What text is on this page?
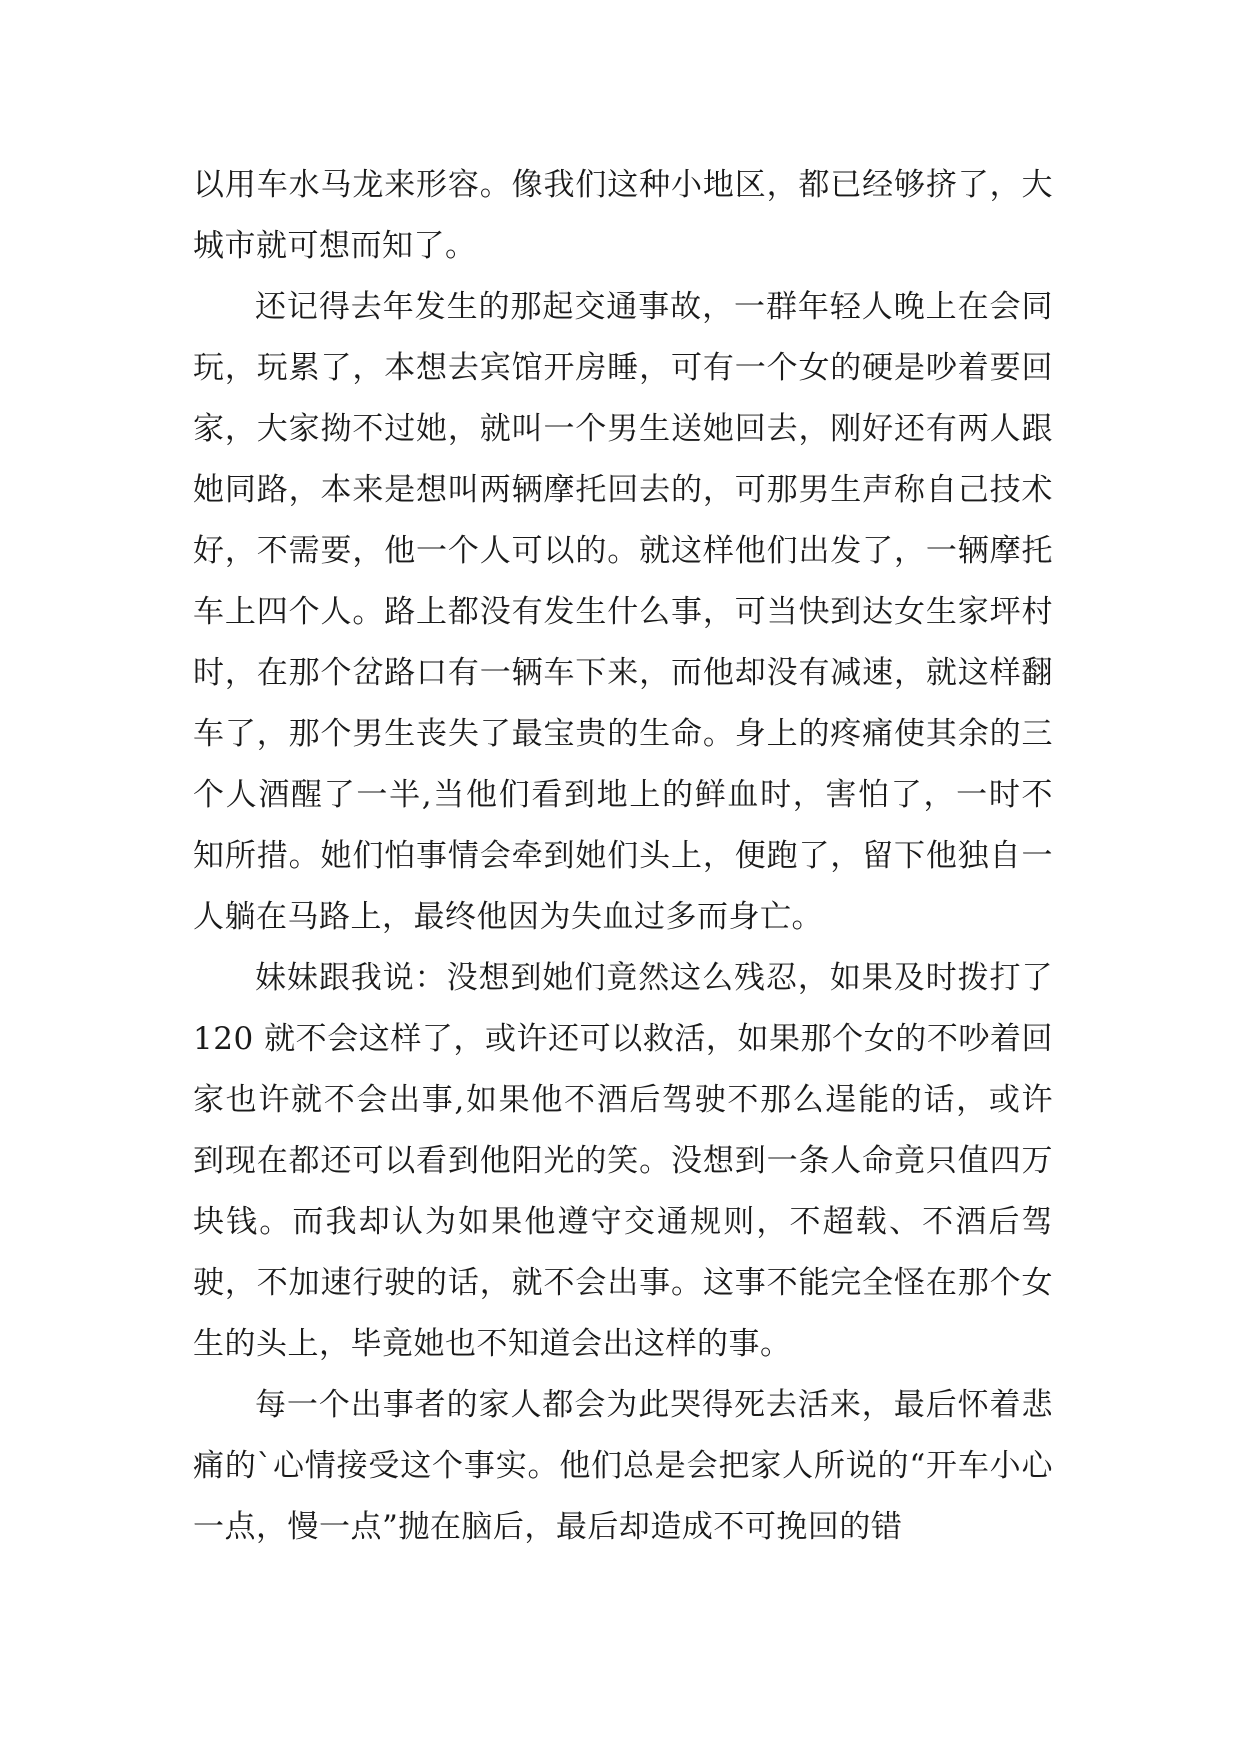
以用车水马龙来形容。像我们这种小地区，都已经够挤了，大城市就可想而知了。

还记得去年发生的那起交通事故，一群年轻人晚上在会同玩，玩累了，本想去宾馆开房睡，可有一个女的硬是吵着要回家，大家拗不过她，就叫一个男生送她回去，刚好还有两人跟她同路，本来是想叫两辆摩托回去的，可那男生声称自己技术好，不需要，他一个人可以的。就这样他们出发了，一辆摩托车上四个人。路上都没有发生什么事，可当快到达女生家坪村时，在那个岔路口有一辆车下来，而他却没有减速，就这样翻车了，那个男生丧失了最宝贵的生命。身上的疼痛使其余的三个人酒醒了一半,当他们看到地上的鲜血时，害怕了，一时不知所措。她们怕事情会牵到她们头上，便跑了，留下他独自一人躺在马路上，最终他因为失血过多而身亡。

妹妹跟我说：没想到她们竟然这么残忍，如果及时拨打了 120 就不会这样了，或许还可以救活，如果那个女的不吵着回家也许就不会出事,如果他不酒后驾驶不那么逞能的话，或许到现在都还可以看到他阳光的笑。没想到一条人命竟只值四万块钱。而我却认为如果他遵守交通规则，不超载、不酒后驾驶，不加速行驶的话，就不会出事。这事不能完全怪在那个女生的头上，毕竟她也不知道会出这样的事。

每一个出事者的家人都会为此哭得死去活来，最后怀着悲痛的`心情接受这个事实。他们总是会把家人所说的“开车小心一点，慢一点”抛在脑后，最后却造成不可挽回的错
